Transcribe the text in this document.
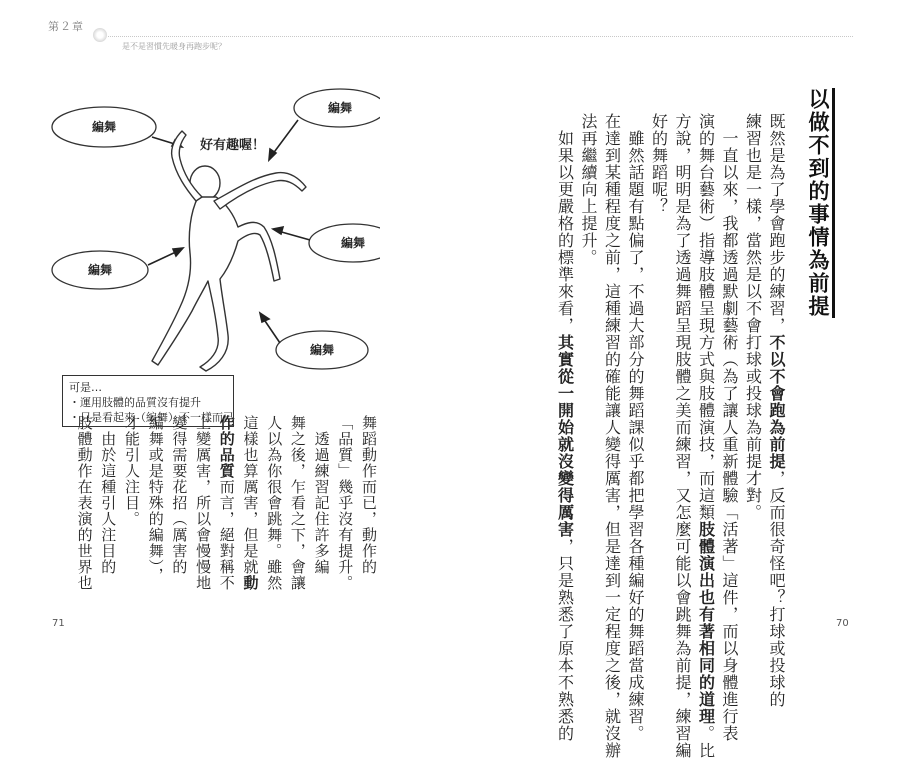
第２章
是不是習慣先暖身再跑步呢？
以做不到的事情為前提
既然是為了學會跑步的練習，不以不會跑為前提，反而很奇怪吧？打球或投球的
練習也是一樣，當然是以不會打球或投球為前提才對。
　一直以來，我都透過默劇藝術（為了讓人重新體驗「活著」這件，而以身體進行表
演的舞台藝術）指導肢體呈現方式與肢體演技，而這類肢體演出也有著相同的道理。比
方說，明明是為了透過舞蹈呈現肢體之美而練習，又怎麼可能以會跳舞為前提，練習編
好的舞蹈呢？
　雖然話題有點偏了，不過大部分的舞蹈課似乎都把學習各種編好的舞蹈當成練習。
在達到某種程度之前，這種練習的確能讓人變得厲害，但是達到一定程度之後，就沒辦
法再繼續向上提升。
　如果以更嚴格的標準來看，其實從一開始就沒變得厲害，只是熟悉了原本不熟悉的
舞蹈動作而已，動作的
「品質」幾乎沒有提升。
　透過練習記住許多編
舞之後，乍看之下，會讓
人以為你很會跳舞。雖然
這樣也算厲害，但是就動
作的品質而言，絕對稱不
上變厲害，所以會慢慢地
變得需要花招（厲害的
編舞或是特殊的編舞），
才能引人注目。
　由於這種引人注目的
肢體動作在表演的世界也
編舞
編舞
編舞
編舞
編舞
好有趣喔！
可是…
・運用肢體的品質沒有提升
・只是看起來（編舞）不一樣而已
71	70
